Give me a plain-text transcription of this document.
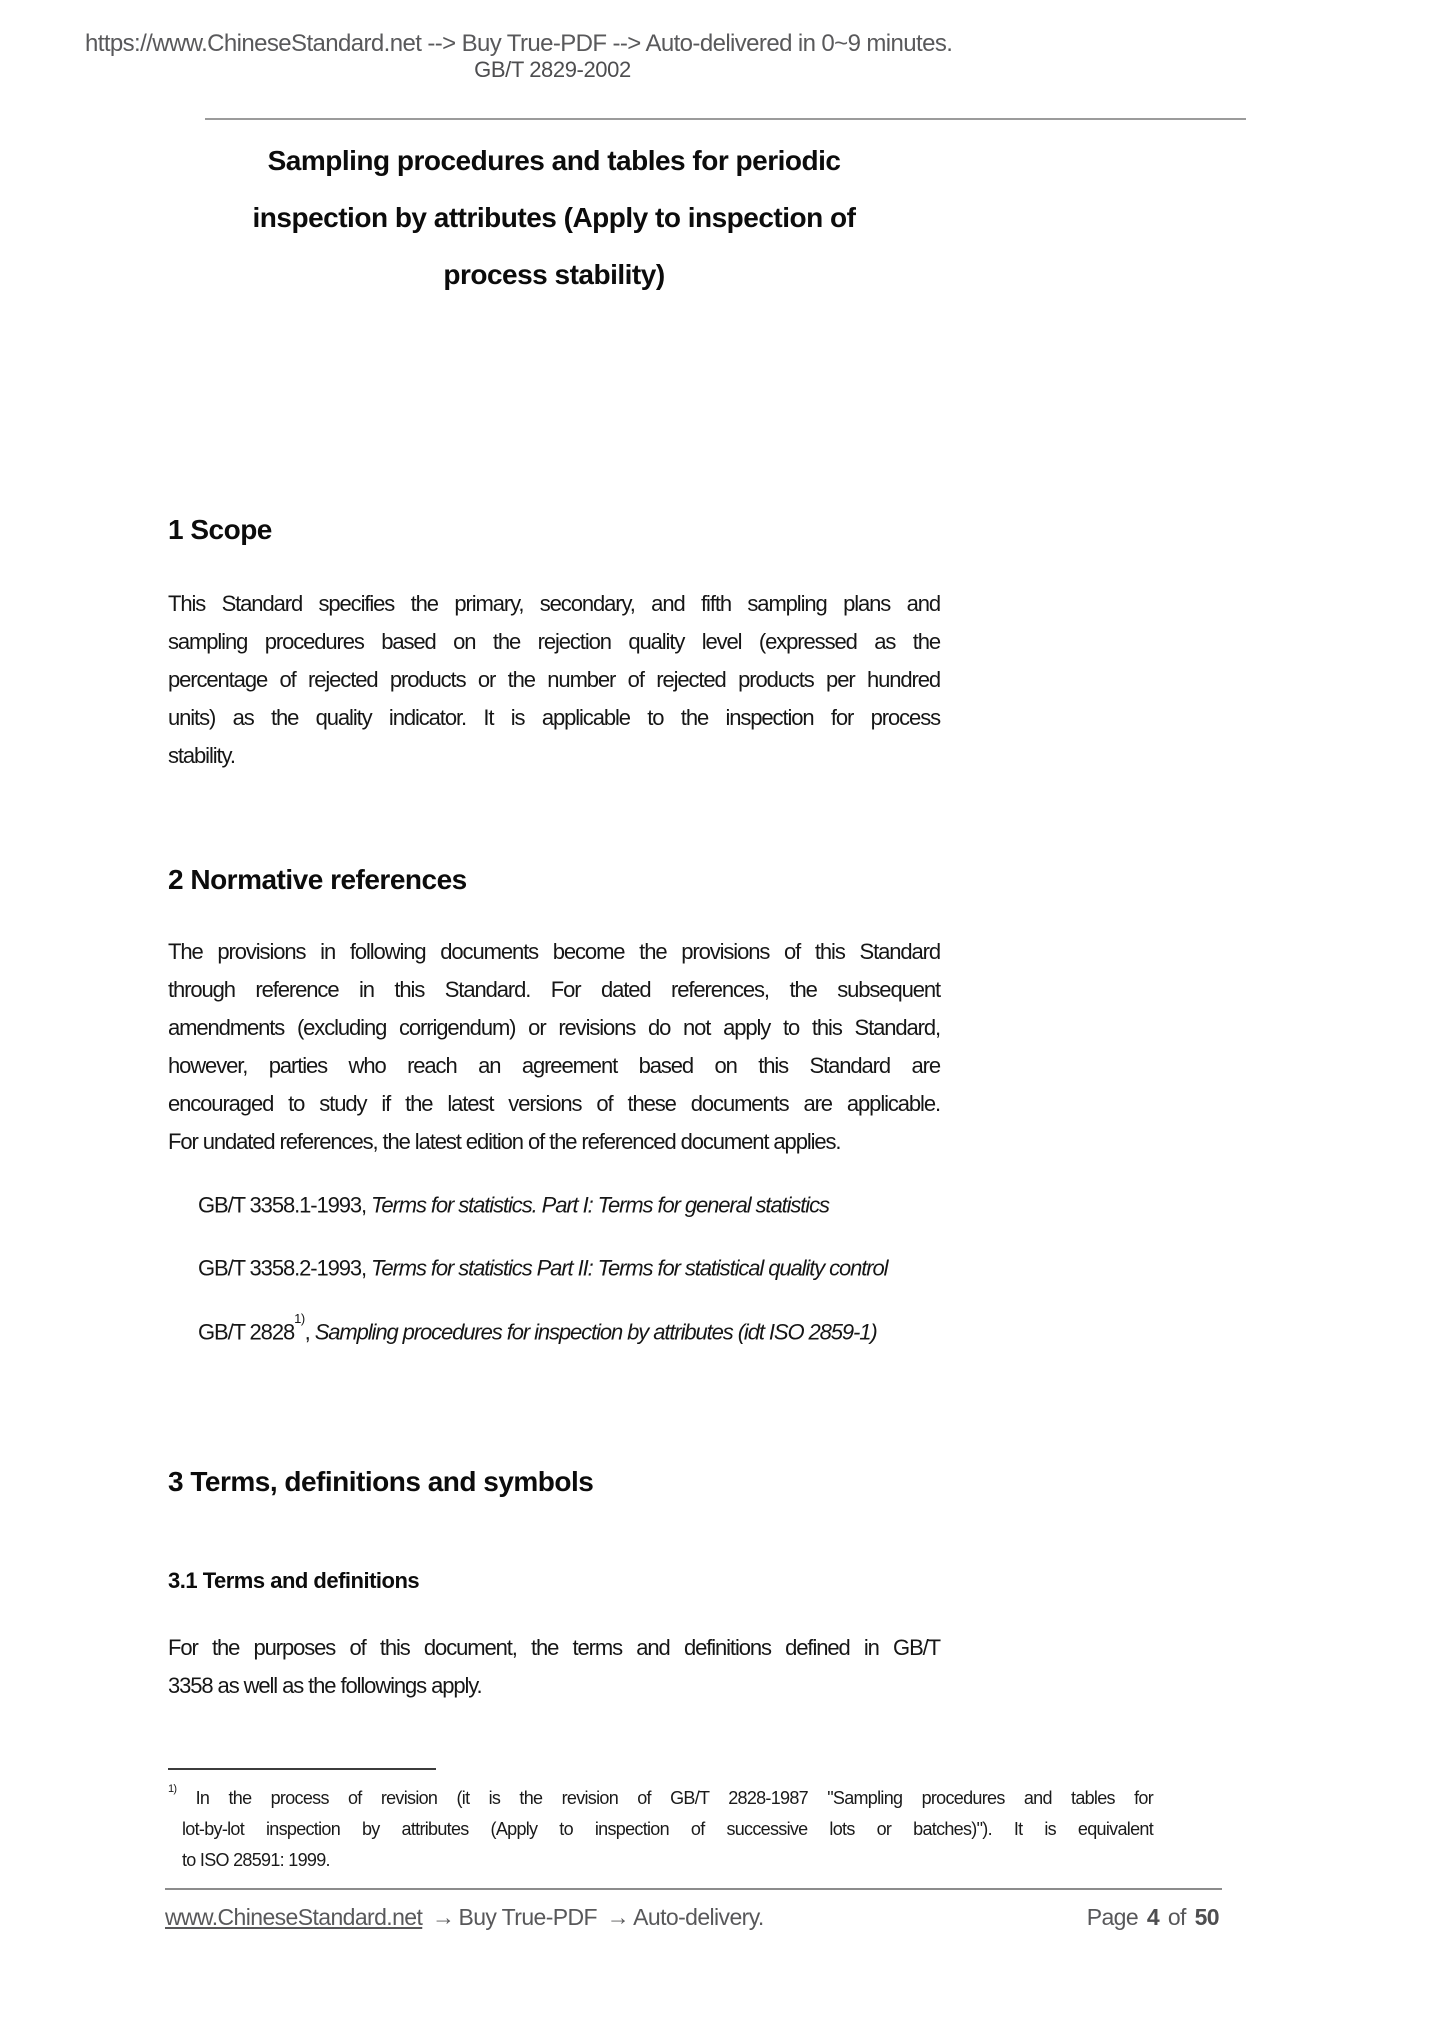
https://www.ChineseStandard.net --> Buy True-PDF --> Auto-delivered in 0~9 minutes.
GB/T 2829-2002
Sampling procedures and tables for periodic
inspection by attributes (Apply to inspection of
process stability)
1 Scope
This Standard specifies the primary, secondary, and fifth sampling plans and
sampling procedures based on the rejection quality level (expressed as the
percentage of rejected products or the number of rejected products per hundred
units) as the quality indicator. It is applicable to the inspection for process
stability.
2 Normative references
The provisions in following documents become the provisions of this Standard
through reference in this Standard. For dated references, the subsequent
amendments (excluding corrigendum) or revisions do not apply to this Standard,
however, parties who reach an agreement based on this Standard are
encouraged to study if the latest versions of these documents are applicable.
For undated references, the latest edition of the referenced document applies.
GB/T 3358.1-1993, Terms for statistics. Part I: Terms for general statistics
GB/T 3358.2-1993, Terms for statistics Part II: Terms for statistical quality control
GB/T 2828$^{1)}$, Sampling procedures for inspection by attributes (idt ISO 2859-1)
3 Terms, definitions and symbols
3.1 Terms and definitions
For the purposes of this document, the terms and definitions defined in GB/T
3358 as well as the followings apply.
$^{1)}$ In the process of revision (it is the revision of GB/T 2828-1987 "Sampling procedures and tables for
lot-by-lot inspection by attributes (Apply to inspection of successive lots or batches)"). It is equivalent
to ISO 28591: 1999.
www.ChineseStandard.net → Buy True-PDF → Auto-delivery.	Page 4 of 50
